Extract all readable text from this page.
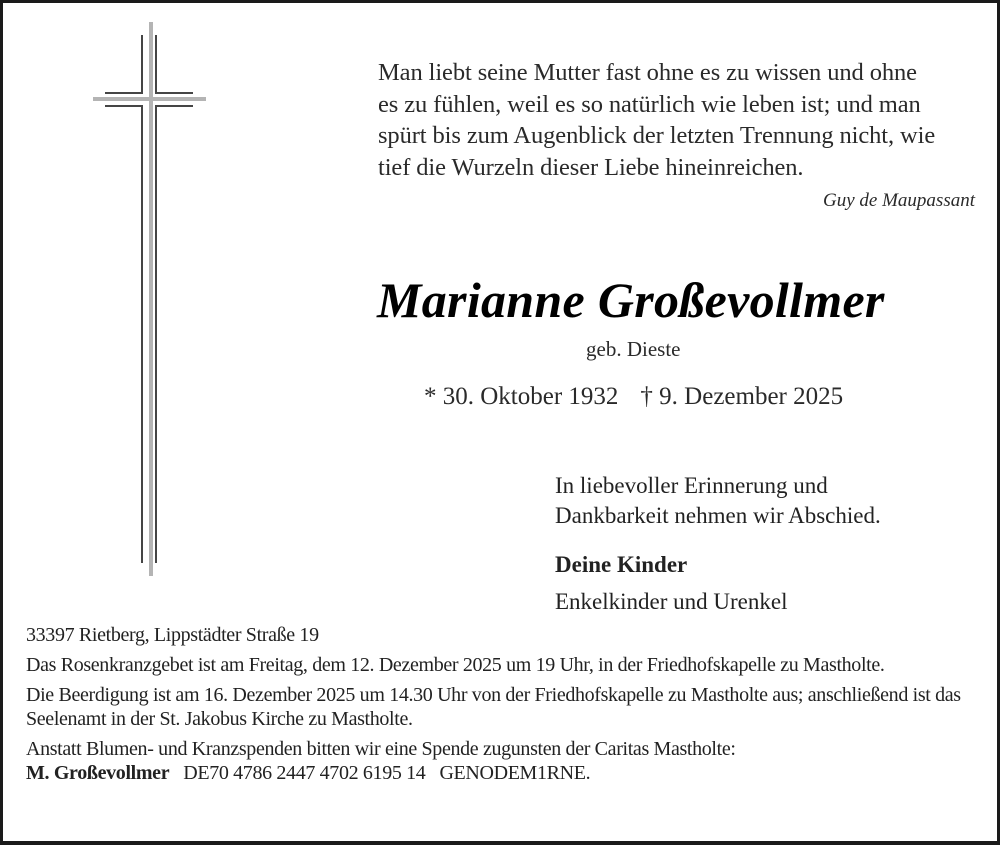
Man liebt seine Mutter fast ohne es zu wissen und ohne
es zu fühlen, weil es so natürlich wie leben ist; und man
spürt bis zum Augenblick der letzten Trennung nicht, wie
tief die Wurzeln dieser Liebe hineinreichen.
Guy de Maupassant
Marianne Großevollmer
geb. Dieste
* 30. Oktober 1932 † 9. Dezember 2025
In liebevoller Erinnerung und
Dankbarkeit nehmen wir Abschied.
Deine Kinder
Enkelkinder und Urenkel

33397 Rietberg, Lippstädter Straße 19

Das Rosenkranzgebet ist am Freitag, dem 12. Dezember 2025 um 19 Uhr, in der Friedhofskapelle zu Mastholte.

Die Beerdigung ist am 16. Dezember 2025 um 14.30 Uhr von der Friedhofskapelle zu Mastholte aus; anschließend ist das Seelenamt in der St. Jakobus Kirche zu Mastholte.

Anstatt Blumen- und Kranzspenden bitten wir eine Spende zugunsten der Caritas Mastholte:

M. Großevollmer DE70 4786 2447 4702 6195 14 GENODEM1RNE.
